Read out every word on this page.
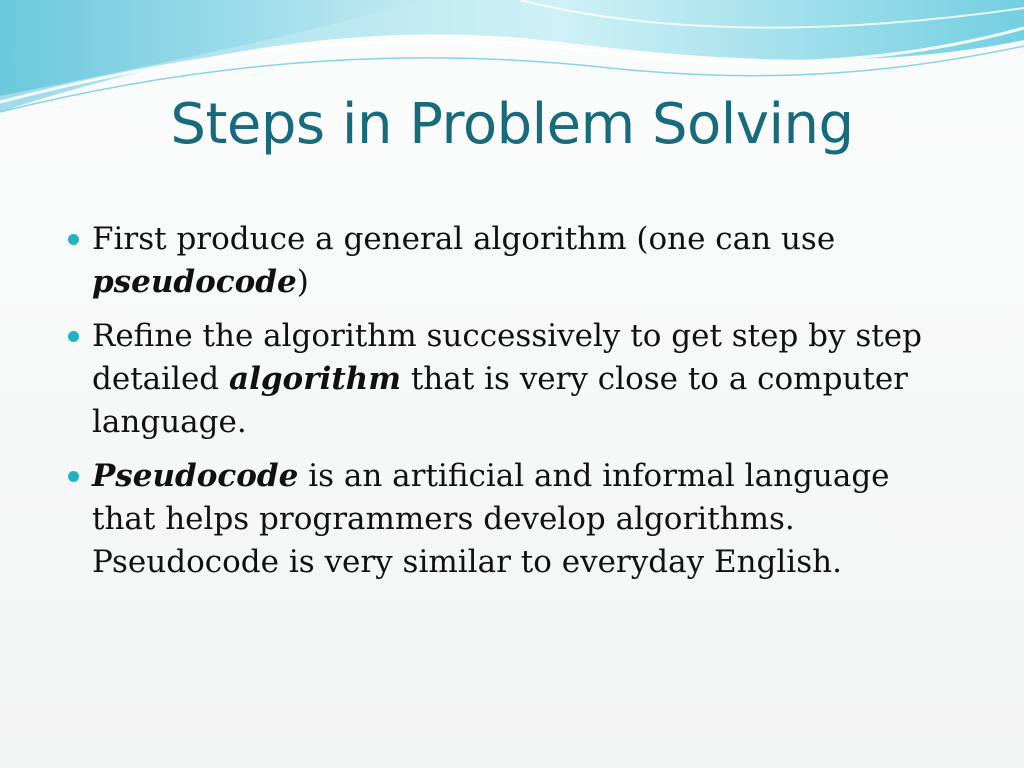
Steps in Problem Solving
First produce a general algorithm (one can use pseudocode)
Refine the algorithm successively to get step by step detailed algorithm that is very close to a computer language.
Pseudocode is an artificial and informal language that helps programmers develop algorithms. Pseudocode is very similar to everyday English.
